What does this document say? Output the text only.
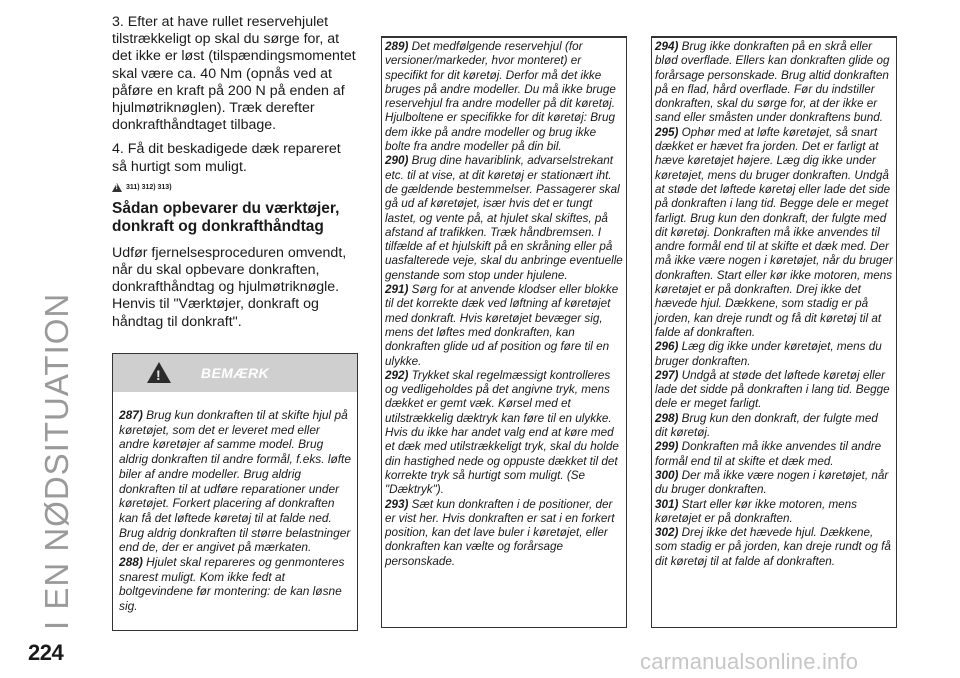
I EN NØDSITUATION

3. Efter at have rullet reservehjulet tilstrækkeligt op skal du sørge for, at det ikke er løst (tilspændingsmomentet skal være ca. 40 Nm (opnås ved at påføre en kraft på 200 N på enden af hjulmøtriknøglen). Træk derefter donkrafthåndtaget tilbage.

4. Få dit beskadigede dæk repareret så hurtigt som muligt.

!
311) 312) 313)
Sådan opbevarer du værktøjer, donkraft og donkrafthåndtag

Udfør fjernelsesproceduren omvendt, når du skal opbevare donkraften, donkrafthåndtag og hjulmøtriknøgle. Henvis til "Værktøjer, donkraft og håndtag til donkraft".

!
BEMÆRK

287) Brug kun donkraften til at skifte hjul på køretøjet, som det er leveret med eller andre køretøjer af samme model. Brug aldrig donkraften til andre formål, f.eks. løfte biler af andre modeller. Brug aldrig donkraften til at udføre reparationer under køretøjet. Forkert placering af donkraften kan få det løftede køretøj til at falde ned. Brug aldrig donkraften til større belastninger end de, der er angivet på mærkaten.

288) Hjulet skal repareres og genmonteres snarest muligt. Kom ikke fedt at boltgevindene før montering: de kan løsne sig.

289) Det medfølgende reservehjul (for versioner/markeder, hvor monteret) er specifikt for dit køretøj. Derfor må det ikke bruges på andre modeller. Du må ikke bruge reservehjul fra andre modeller på dit køretøj. Hjulboltene er specifikke for dit køretøj: Brug dem ikke på andre modeller og brug ikke bolte fra andre modeller på din bil.

290) Brug dine havariblink, advarselstrekant etc. til at vise, at dit køretøj er stationært iht. de gældende bestemmelser. Passagerer skal gå ud af køretøjet, især hvis det er tungt lastet, og vente på, at hjulet skal skiftes, på afstand af trafikken. Træk håndbremsen. I tilfælde af et hjulskift på en skråning eller på uasfalterede veje, skal du anbringe eventuelle genstande som stop under hjulene.

291) Sørg for at anvende klodser eller blokke til det korrekte dæk ved løftning af køretøjet med donkraft. Hvis køretøjet bevæger sig, mens det løftes med donkraften, kan donkraften glide ud af position og føre til en ulykke.

292) Trykket skal regelmæssigt kontrolleres og vedligeholdes på det angivne tryk, mens dækket er gemt væk. Kørsel med et utilstrækkelig dæktryk kan føre til en ulykke. Hvis du ikke har andet valg end at køre med et dæk med utilstrækkeligt tryk, skal du holde din hastighed nede og oppuste dækket til det korrekte tryk så hurtigt som muligt. (Se "Dæktryk").

293) Sæt kun donkraften i de positioner, der er vist her. Hvis donkraften er sat i en forkert position, kan det lave buler i køretøjet, eller donkraften kan vælte og forårsage personskade.

294) Brug ikke donkraften på en skrå eller blød overflade. Ellers kan donkraften glide og forårsage personskade. Brug altid donkraften på en flad, hård overflade. Før du indstiller donkraften, skal du sørge for, at der ikke er sand eller småsten under donkraftens bund.

295) Ophør med at løfte køretøjet, så snart dækket er hævet fra jorden. Det er farligt at hæve køretøjet højere. Læg dig ikke under køretøjet, mens du bruger donkraften. Undgå at støde det løftede køretøj eller lade det side på donkraften i lang tid. Begge dele er meget farligt. Brug kun den donkraft, der fulgte med dit køretøj. Donkraften må ikke anvendes til andre formål end til at skifte et dæk med. Der må ikke være nogen i køretøjet, når du bruger donkraften. Start eller kør ikke motoren, mens køretøjet er på donkraften. Drej ikke det hævede hjul. Dækkene, som stadig er på jorden, kan dreje rundt og få dit køretøj til at falde af donkraften.

296) Læg dig ikke under køretøjet, mens du bruger donkraften.

297) Undgå at støde det løftede køretøj eller lade det sidde på donkraften i lang tid. Begge dele er meget farligt.

298) Brug kun den donkraft, der fulgte med dit køretøj.

299) Donkraften må ikke anvendes til andre formål end til at skifte et dæk med.

300) Der må ikke være nogen i køretøjet, når du bruger donkraften.

301) Start eller kør ikke motoren, mens køretøjet er på donkraften.

302) Drej ikke det hævede hjul. Dækkene, som stadig er på jorden, kan dreje rundt og få dit køretøj til at falde af donkraften.

224	carmanualsonline.info
